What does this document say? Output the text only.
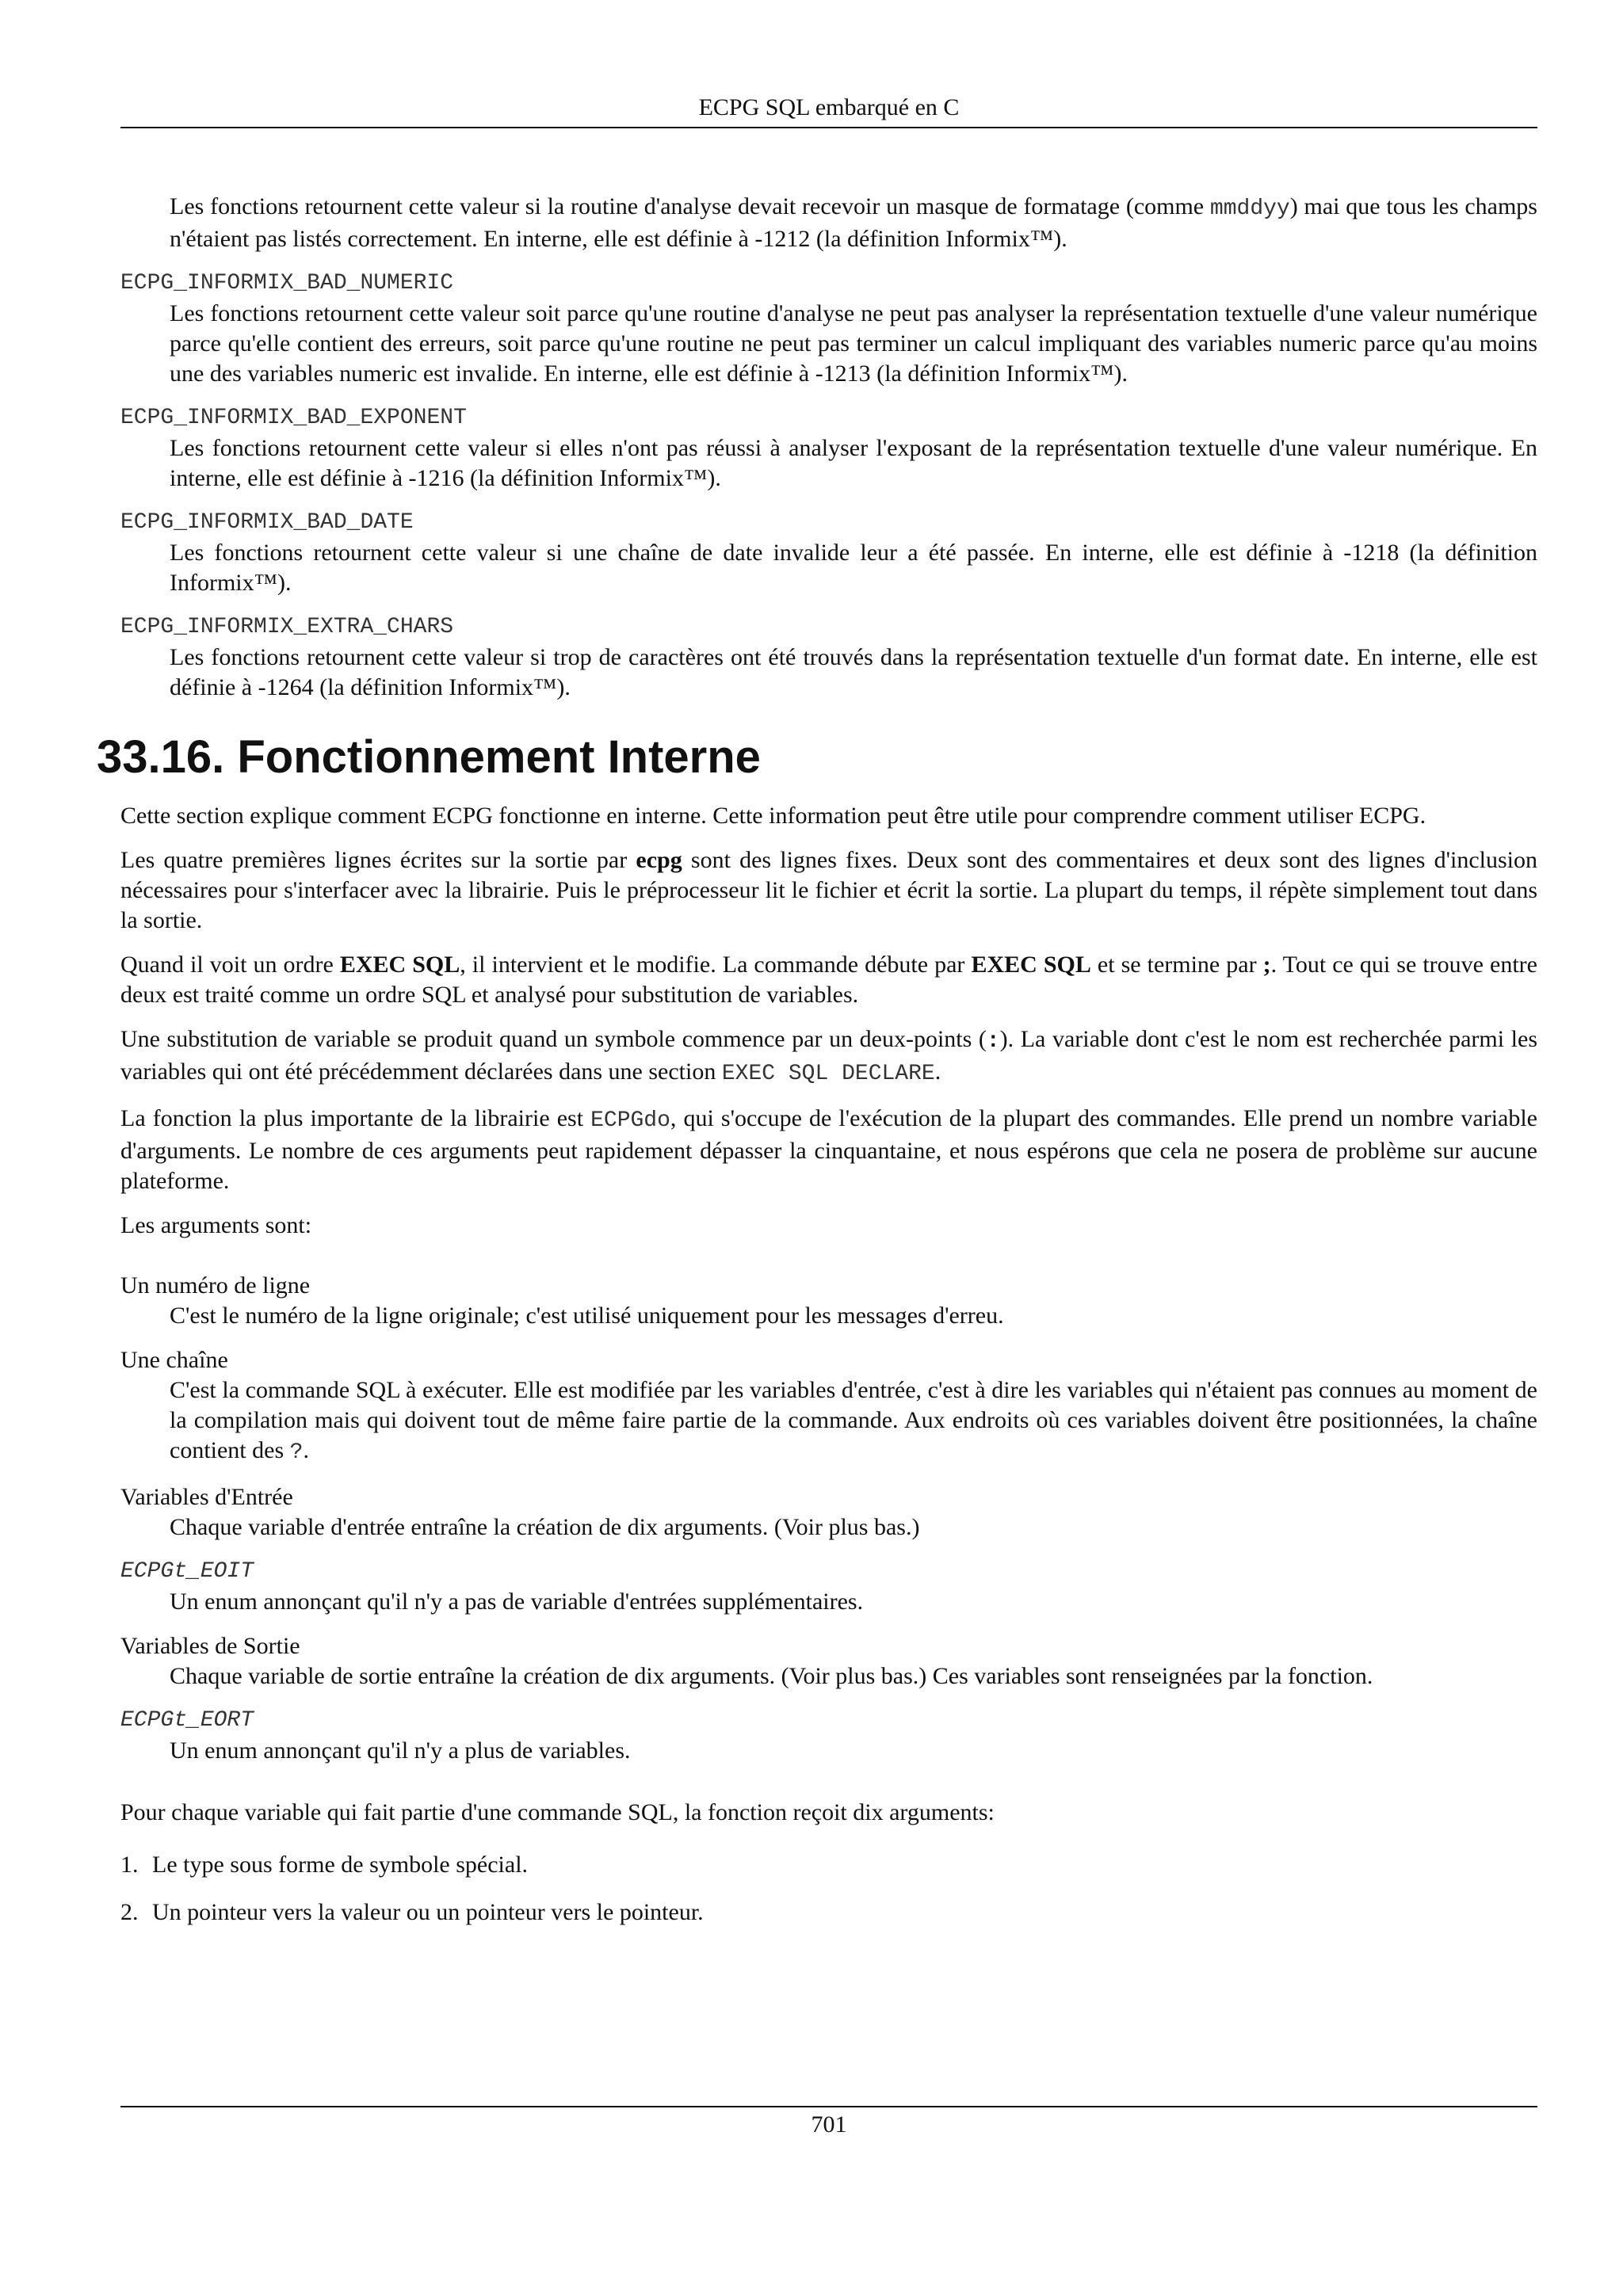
ECPG SQL embarqué en C
Les fonctions retournent cette valeur si la routine d'analyse devait recevoir un masque de formatage (comme mmddyy) mai que tous les champs n'étaient pas listés correctement. En interne, elle est définie à -1212 (la définition Informix™).
ECPG_INFORMIX_BAD_NUMERIC
Les fonctions retournent cette valeur soit parce qu'une routine d'analyse ne peut pas analyser la représentation textuelle d'une valeur numérique parce qu'elle contient des erreurs, soit parce qu'une routine ne peut pas terminer un calcul impliquant des variables numeric parce qu'au moins une des variables numeric est invalide. En interne, elle est définie à -1213 (la définition Informix™).
ECPG_INFORMIX_BAD_EXPONENT
Les fonctions retournent cette valeur si elles n'ont pas réussi à analyser l'exposant de la représentation textuelle d'une valeur numérique. En interne, elle est définie à -1216 (la définition Informix™).
ECPG_INFORMIX_BAD_DATE
Les fonctions retournent cette valeur si une chaîne de date invalide leur a été passée. En interne, elle est définie à -1218 (la définition Informix™).
ECPG_INFORMIX_EXTRA_CHARS
Les fonctions retournent cette valeur si trop de caractères ont été trouvés dans la représentation textuelle d'un format date. En interne, elle est définie à -1264 (la définition Informix™).
33.16. Fonctionnement Interne

Cette section explique comment ECPG fonctionne en interne. Cette information peut être utile pour comprendre comment utiliser ECPG.

Les quatre premières lignes écrites sur la sortie par ecpg sont des lignes fixes. Deux sont des commentaires et deux sont des lignes d'inclusion nécessaires pour s'interfacer avec la librairie. Puis le préprocesseur lit le fichier et écrit la sortie. La plupart du temps, il répète simplement tout dans la sortie.

Quand il voit un ordre EXEC SQL, il intervient et le modifie. La commande débute par EXEC SQL et se termine par ;. Tout ce qui se trouve entre deux est traité comme un ordre SQL et analysé pour substitution de variables.

Une substitution de variable se produit quand un symbole commence par un deux-points (:). La variable dont c'est le nom est recherchée parmi les variables qui ont été précédemment déclarées dans une section EXEC SQL DECLARE.

La fonction la plus importante de la librairie est ECPGdo, qui s'occupe de l'exécution de la plupart des commandes. Elle prend un nombre variable d'arguments. Le nombre de ces arguments peut rapidement dépasser la cinquantaine, et nous espérons que cela ne posera de problème sur aucune plateforme.

Les arguments sont:

Un numéro de ligne
C'est le numéro de la ligne originale; c'est utilisé uniquement pour les messages d'erreu.
Une chaîne
C'est la commande SQL à exécuter. Elle est modifiée par les variables d'entrée, c'est à dire les variables qui n'étaient pas connues au moment de la compilation mais qui doivent tout de même faire partie de la commande. Aux endroits où ces variables doivent être positionnées, la chaîne contient des ?.
Variables d'Entrée
Chaque variable d'entrée entraîne la création de dix arguments. (Voir plus bas.)
ECPGt_EOIT
Un enum annonçant qu'il n'y a pas de variable d'entrées supplémentaires.
Variables de Sortie
Chaque variable de sortie entraîne la création de dix arguments. (Voir plus bas.) Ces variables sont renseignées par la fonction.
ECPGt_EORT
Un enum annonçant qu'il n'y a plus de variables.

Pour chaque variable qui fait partie d'une commande SQL, la fonction reçoit dix arguments:

1. Le type sous forme de symbole spécial.
2. Un pointeur vers la valeur ou un pointeur vers le pointeur.
701
